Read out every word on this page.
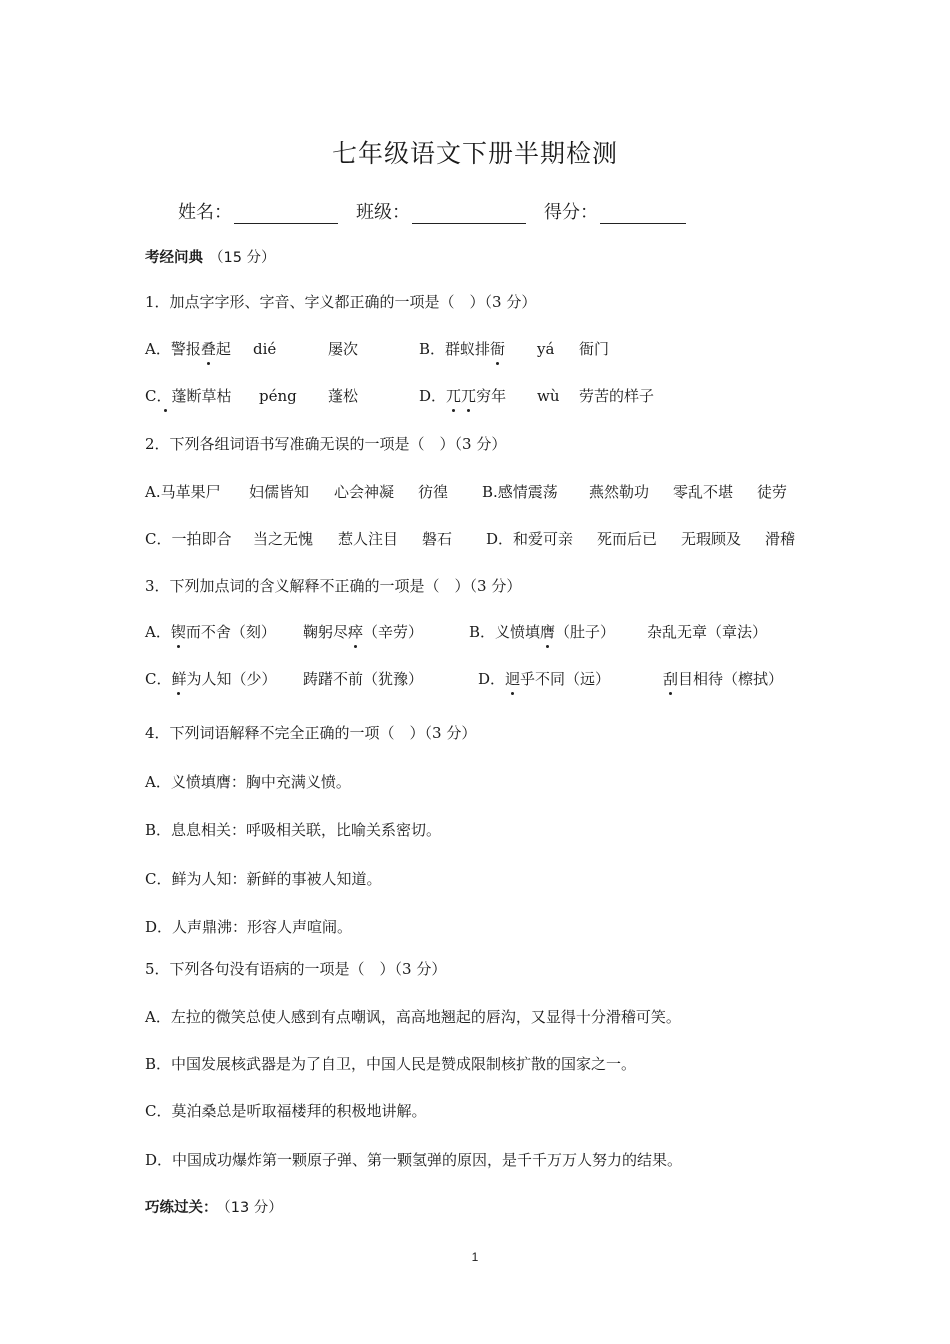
七年级语文下册半期检测
姓名：	班级：	得分：
考经问典 （15 分）
1．加点字字形、字音、字义都正确的一项是（　）（3 分）
A．警报叠起 dié	屡次	B．群蚁排衙 yá 衙门
C．蓬断草枯 péng 蓬松	D．兀兀穷年 wù 劳苦的样子
2．下列各组词语书写准确无误的一项是（　）（3 分）
A.马革果尸 妇儒皆知 心会神凝 彷徨 B.感情震荡 燕然勒功 零乱不堪 徒劳
C．一拍即合 当之无愧 惹人注目 磐石 D．和爱可亲 死而后已 无瑕顾及 滑稽
3．下列加点词的含义解释不正确的一项是（　）（3 分）
A．锲而不舍（刻） 鞠躬尽瘁（辛劳）	B．义愤填膺（肚子） 杂乱无章（章法）
C．鲜为人知（少） 踌躇不前（犹豫）	D．迥乎不同（远）	刮目相待（檫拭）
4．下列词语解释不完全正确的一项（　）（3 分）
A．义愤填膺：胸中充满义愤。
B．息息相关：呼吸相关联，比喻关系密切。
C．鲜为人知：新鲜的事被人知道。
D．人声鼎沸：形容人声喧闹。
5．下列各句没有语病的一项是（　）（3 分）
A．左拉的微笑总使人感到有点嘲讽，高高地翘起的唇沟，又显得十分滑稽可笑。
B．中国发展核武器是为了自卫，中国人民是赞成限制核扩散的国家之一。
C．莫泊桑总是听取福楼拜的积极地讲解。
D．中国成功爆炸第一颗原子弹、第一颗氢弹的原因，是千千万万人努力的结果。
巧练过关： （13 分）
1
